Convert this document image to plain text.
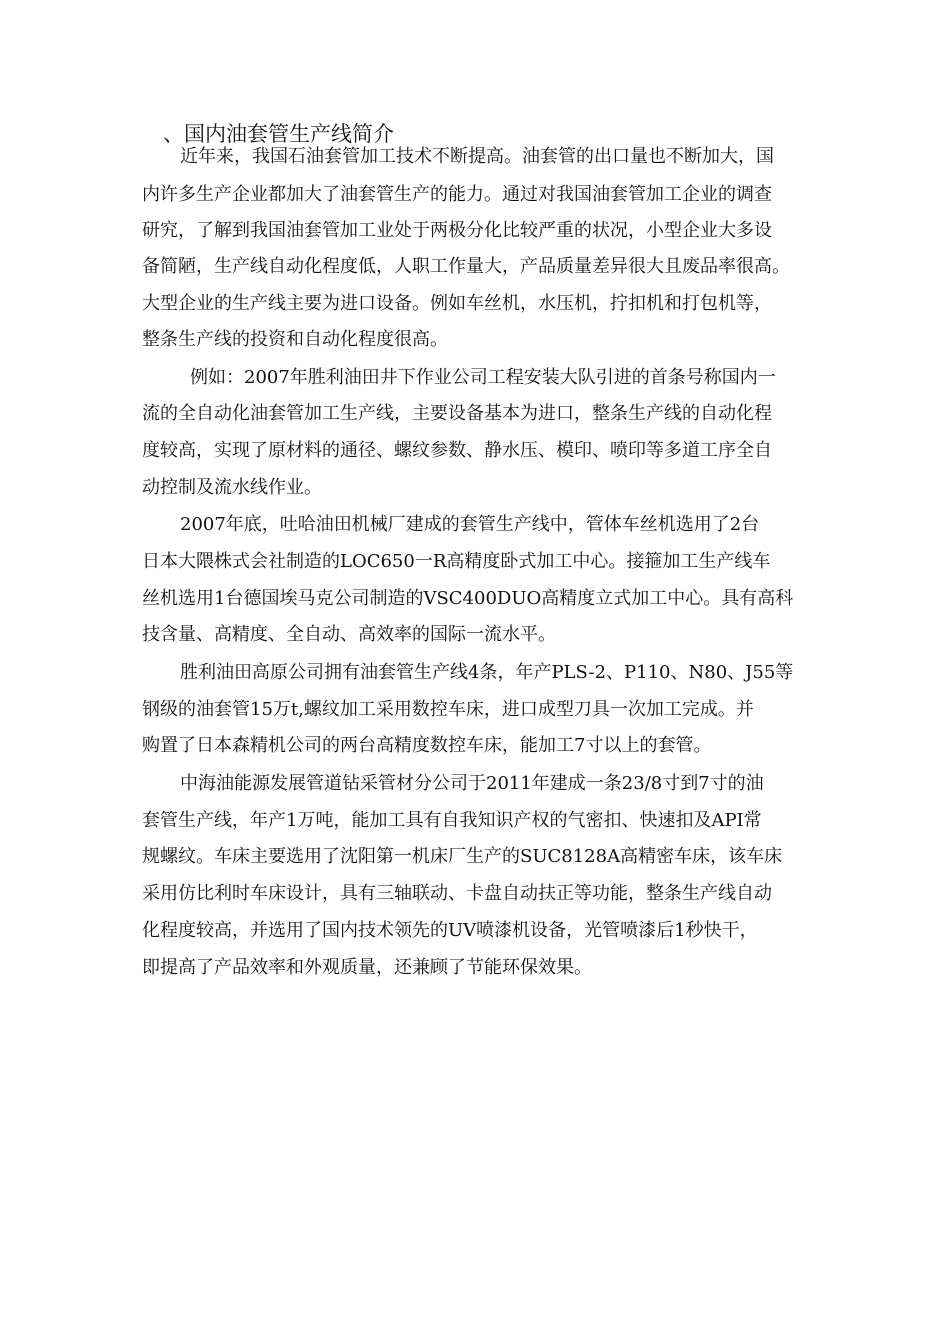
、国内油套管生产线简介
近年来，我国石油套管加工技术不断提高。油套管的出口量也不断加大，国
内许多生产企业都加大了油套管生产的能力。通过对我国油套管加工企业的调查
研究，了解到我国油套管加工业处于两极分化比较严重的状况，小型企业大多设
备简陋，生产线自动化程度低，人职工作量大，产品质量差异很大且废品率很高。
大型企业的生产线主要为进口设备。例如车丝机，水压机，拧扣机和打包机等，
整条生产线的投资和自动化程度很高。
例如：2007年胜利油田井下作业公司工程安装大队引进的首条号称国内一
流的全自动化油套管加工生产线，主要设备基本为进口，整条生产线的自动化程
度较高，实现了原材料的通径、螺纹参数、静水压、模印、喷印等多道工序全自
动控制及流水线作业。
2007年底，吐哈油田机械厂建成的套管生产线中，管体车丝机选用了2台
日本大隈株式会社制造的LOC650一R高精度卧式加工中心。接箍加工生产线车
丝机选用1台德国埃马克公司制造的VSC400DUO高精度立式加工中心。具有高科
技含量、高精度、全自动、高效率的国际一流水平。
胜利油田高原公司拥有油套管生产线4条，年产PLS-2、P110、N80、J55等
钢级的油套管15万t,螺纹加工采用数控车床，进口成型刀具一次加工完成。并
购置了日本森精机公司的两台高精度数控车床，能加工7寸以上的套管。
中海油能源发展管道钻采管材分公司于2011年建成一条23/8寸到7寸的油
套管生产线，年产1万吨，能加工具有自我知识产权的气密扣、快速扣及API常
规螺纹。车床主要选用了沈阳第一机床厂生产的SUC8128A高精密车床，该车床
采用仿比利时车床设计，具有三轴联动、卡盘自动扶正等功能，整条生产线自动
化程度较高，并选用了国内技术领先的UV喷漆机设备，光管喷漆后1秒快干，
即提高了产品效率和外观质量，还兼顾了节能环保效果。
